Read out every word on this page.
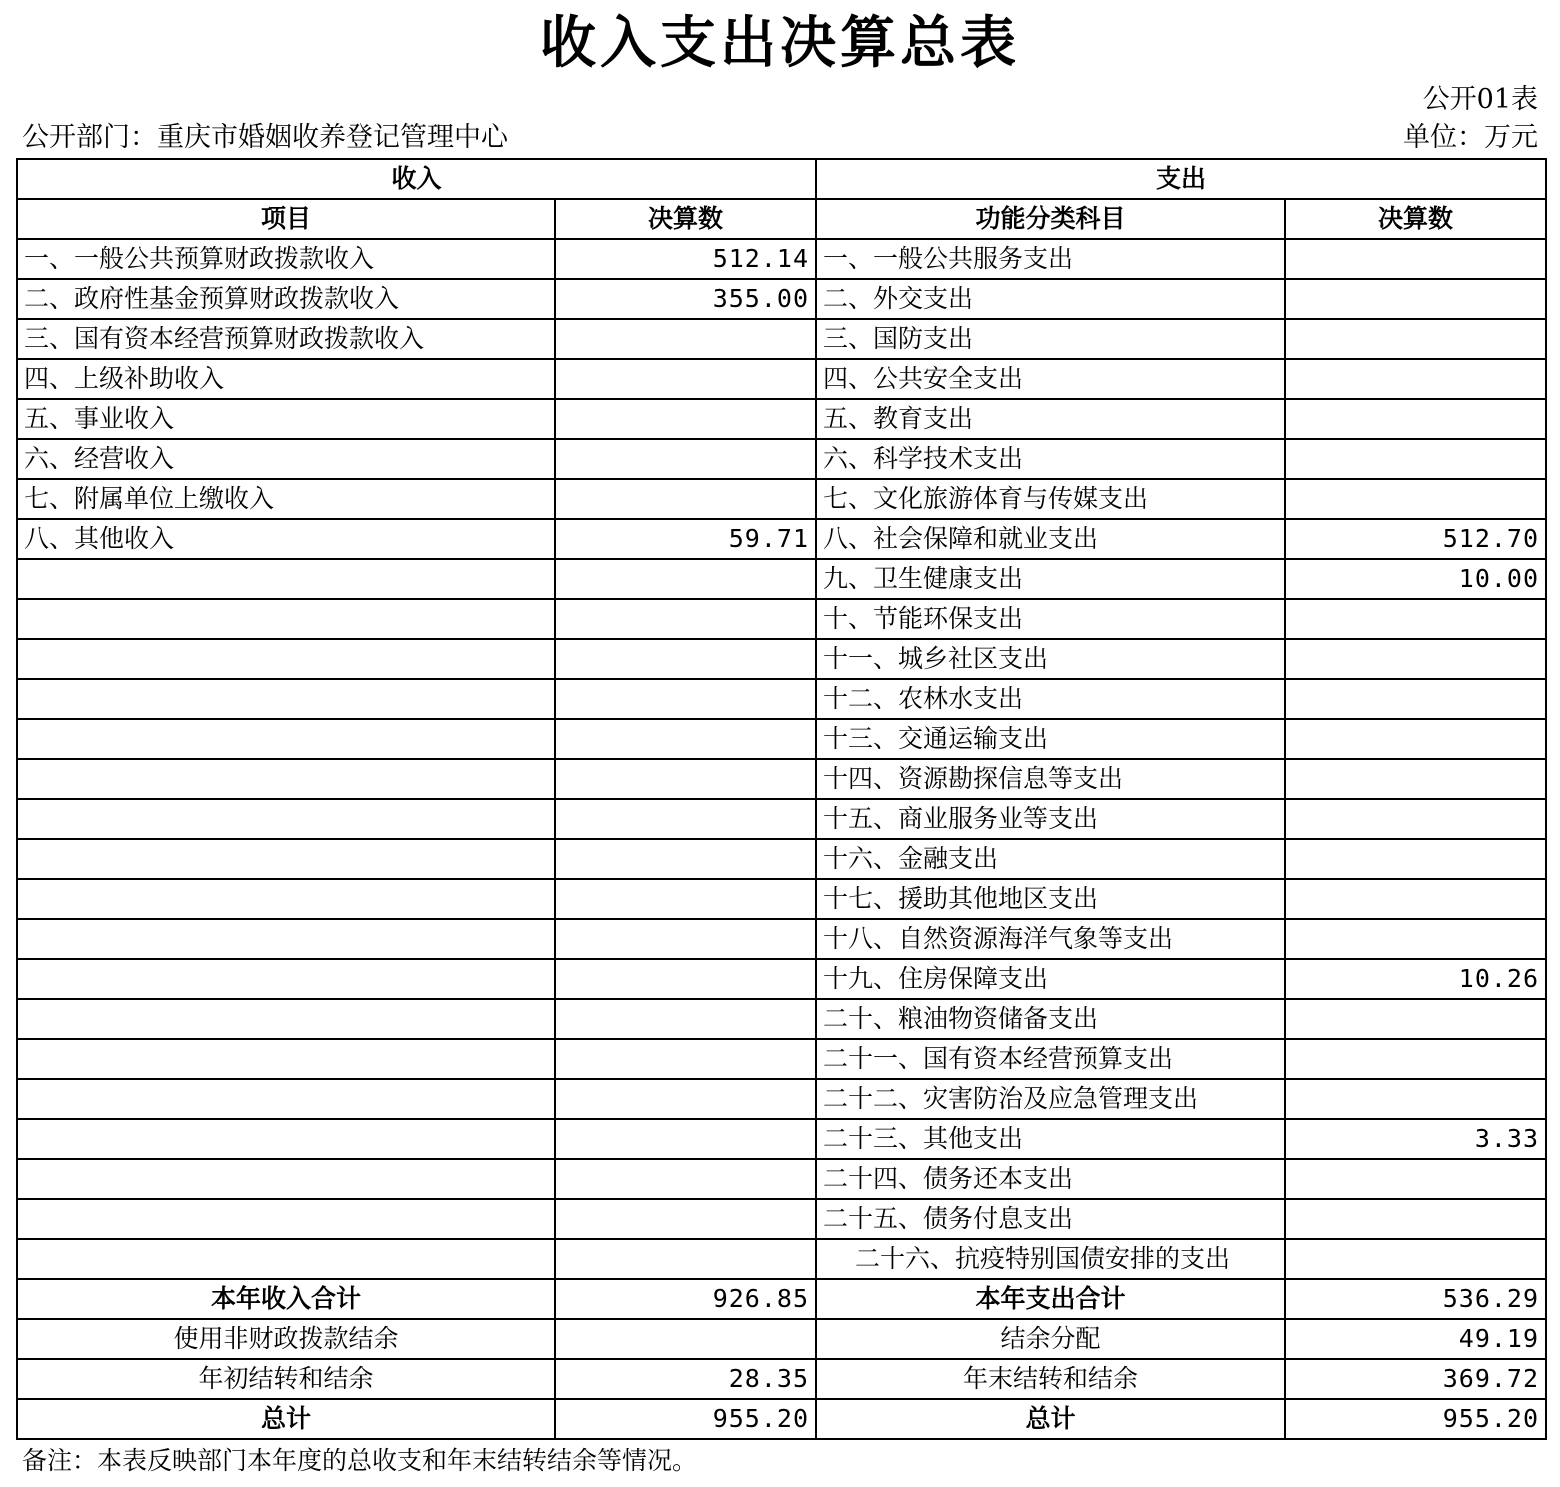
收入支出决算总表
公开01表
公开部门：重庆市婚姻收养登记管理中心	单位：万元
收入		支出	
项目	决算数	功能分类科目	决算数
一、一般公共预算财政拨款收入	512.14	一、一般公共服务支出	
二、政府性基金预算财政拨款收入	355.00	二、外交支出	
三、国有资本经营预算财政拨款收入		三、国防支出	
四、上级补助收入		四、公共安全支出	
五、事业收入		五、教育支出	
六、经营收入		六、科学技术支出	
七、附属单位上缴收入		七、文化旅游体育与传媒支出	
八、其他收入	59.71	八、社会保障和就业支出	512.70
		九、卫生健康支出	10.00
		十、节能环保支出	
		十一、城乡社区支出	
		十二、农林水支出	
		十三、交通运输支出	
		十四、资源勘探信息等支出	
		十五、商业服务业等支出	
		十六、金融支出	
		十七、援助其他地区支出	
		十八、自然资源海洋气象等支出	
		十九、住房保障支出	10.26
		二十、粮油物资储备支出	
		二十一、国有资本经营预算支出	
		二十二、灾害防治及应急管理支出	
		二十三、其他支出	3.33
		二十四、债务还本支出	
		二十五、债务付息支出	
		二十六、抗疫特别国债安排的支出	
本年收入合计	926.85	本年支出合计	536.29
使用非财政拨款结余		结余分配	49.19
年初结转和结余	28.35	年末结转和结余	369.72
总计	955.20	总计	955.20
备注：本表反映部门本年度的总收支和年末结转结余等情况。
